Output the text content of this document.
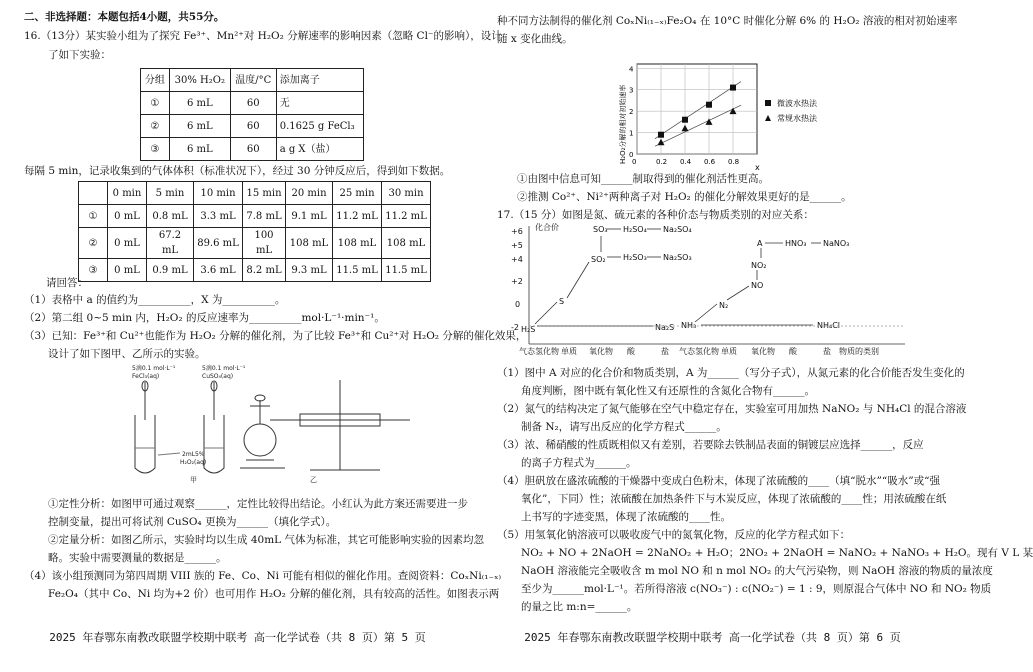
二、非选择题：本题包括4小题，共55分。
16.（13分）某实验小组为了探究 Fe³⁺、Mn²⁺对 H₂O₂ 分解速率的影响因素（忽略 Cl⁻的影响），设计
了如下实验：
分组	30% H₂O₂	温度/°C	添加离子
①	6 mL	60	无
②	6 mL	60	0.1625 g FeCl₃
③	6 mL	60	a g X（盐）
每隔 5 min，记录收集到的气体体积（标准状况下），经过 30 分钟反应后，得到如下数据。
	0 min	5 min	10 min	15 min	20 min	25 min	30 min
①	0 mL	0.8 mL	3.3 mL	7.8 mL	9.1 mL	11.2 mL	11.2 mL
②	0 mL	67.2 mL	89.6 mL	100 mL	108 mL	108 mL	108 mL
③	0 mL	0.9 mL	3.6 mL	8.2 mL	9.3 mL	11.5 mL	11.5 mL
请回答：
（1）表格中 a 的值约为__________，X 为__________。
（2）第二组 0~5 min 内，H₂O₂ 的反应速率为__________mol·L⁻¹·min⁻¹。
（3）已知：Fe³⁺和 Cu²⁺也能作为 H₂O₂ 分解的催化剂，为了比较 Fe³⁺和 Cu²⁺对 H₂O₂ 分解的催化效果，
设计了如下图甲、乙所示的实验。
5滴0.1 mol·L⁻¹
FeCl₃(aq)
5滴0.1 mol·L⁻¹
CuSO₄(aq)
2mL5%
H₂O₂(aq)
甲	乙
①定性分析：如图甲可通过观察______，定性比较得出结论。小红认为此方案还需要进一步
控制变量，提出可将试剂 CuSO₄ 更换为______（填化学式）。
②定量分析：如图乙所示，实验时均以生成 40mL 气体为标准，其它可能影响实验的因素均忽
略。实验中需要测量的数据是______。
（4）该小组预测同为第四周期 VIII 族的 Fe、Co、Ni 可能有相似的催化作用。查阅资料：CoₓNi₍₁₋ₓ₎
Fe₂O₄（其中 Co、Ni 均为+2 价）也可用作 H₂O₂ 分解的催化剂，具有较高的活性。如图表示两
2025 年春鄂东南教改联盟学校期中联考 高一化学试卷（共 8 页）第 5 页
种不同方法制得的催化剂 CoₓNi₍₁₋ₓ₎Fe₂O₄ 在 10°C 时催化分解 6% 的 H₂O₂ 溶液的相对初始速率
随 x 变化曲线。
H₂O₂分解的相对初始速率
x
0
1
2
3
4
0	0.2 0.4 0.6 0.8
微波水热法
常规水热法
①由图中信息可知______制取得到的催化剂活性更高。
②推测 Co²⁺、Ni²⁺两种离子对 H₂O₂ 的催化分解效果更好的是______。
17.（15 分）如图是氮、硫元素的各种价态与物质类别的对应关系：
化合价
+6
+5
+4
+2
0
-2
SO₃ H₂SO₄ Na₂SO₄
SO₂ H₂SO₃ Na₂SO₃
S
H₂S	Na₂S
A	HNO₃ NaNO₃
NO₂
NO
N₂
NH₃	NH₄Cl
气态氢化物 单质 氧化物 酸	盐 气态氢化物 单质 氧化物 酸	盐 物质的类别
（1）图中 A 对应的化合价和物质类别，A 为______（写分子式），从氮元素的化合价能否发生变化的
角度判断，图中既有氧化性又有还原性的含氮化合物有______。
（2）氮气的结构决定了氮气能够在空气中稳定存在，实验室可用加热 NaNO₂ 与 NH₄Cl 的混合溶液
制备 N₂，请写出反应的化学方程式______。
（3）浓、稀硝酸的性质既相似又有差别，若要除去铁制品表面的铜镀层应选择______，反应
的离子方程式为______。
（4）胆矾放在盛浓硫酸的干燥器中变成白色粉末，体现了浓硫酸的____（填“脱水”“吸水”或“强
氧化”，下同）性；浓硫酸在加热条件下与木炭反应，体现了浓硫酸的____性；用浓硫酸在纸
上书写的字迹变黑，体现了浓硫酸的____性。
（5）用氢氧化钠溶液可以吸收废气中的氮氧化物，反应的化学方程式如下：
NO₂ + NO + 2NaOH = 2NaNO₂ + H₂O；2NO₂ + 2NaOH = NaNO₂ + NaNO₃ + H₂O。现有 V L 某
NaOH 溶液能完全吸收含 m mol NO 和 n mol NO₂ 的大气污染物，则 NaOH 溶液的物质的量浓度
至少为______mol·L⁻¹。若所得溶液 c(NO₃⁻) : c(NO₂⁻) = 1 : 9，则原混合气体中 NO 和 NO₂ 物质
的量之比 m:n=______。
2025 年春鄂东南教改联盟学校期中联考 高一化学试卷（共 8 页）第 6 页
